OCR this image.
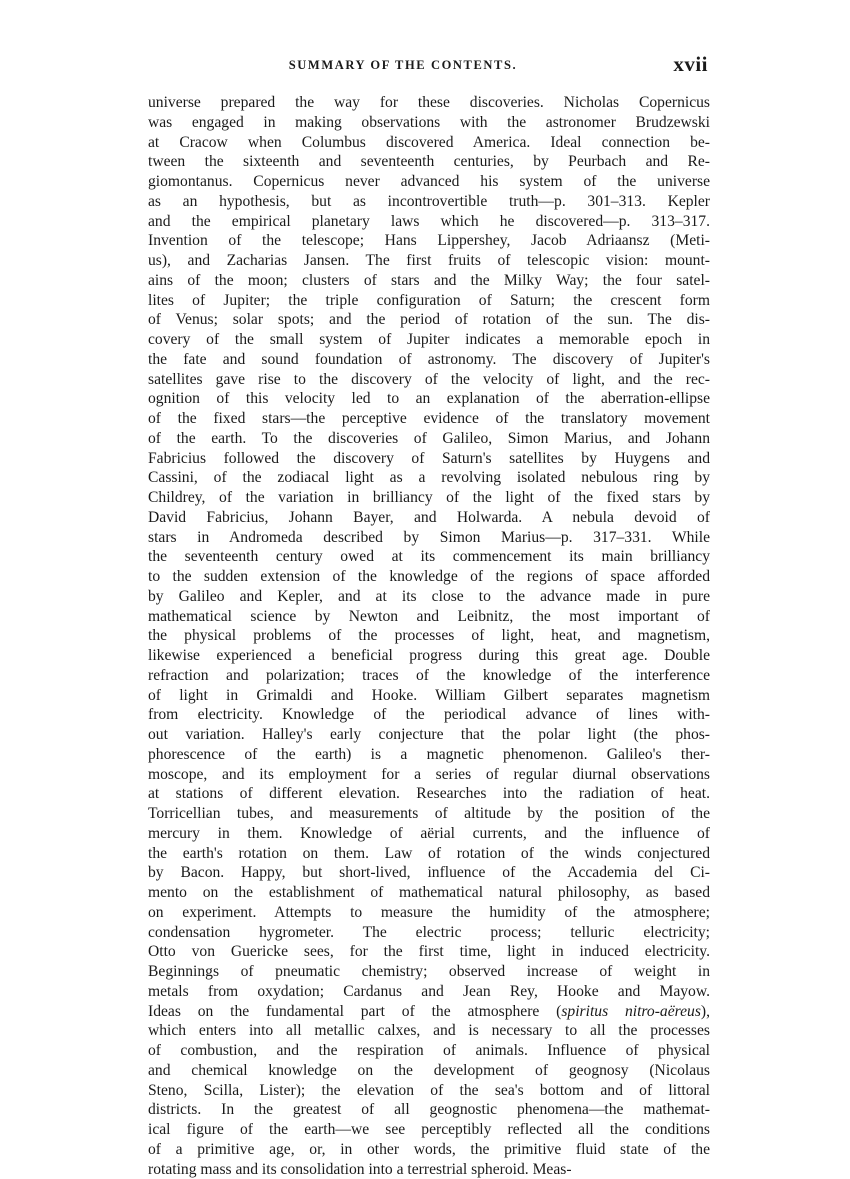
SUMMARY OF THE CONTENTS.	xvii
universe prepared the way for these discoveries. Nicholas Copernicus
was engaged in making observations with the astronomer Brudzewski
at Cracow when Columbus discovered America. Ideal connection be-
tween the sixteenth and seventeenth centuries, by Peurbach and Re-
giomontanus. Copernicus never advanced his system of the universe
as an hypothesis, but as incontrovertible truth—p. 301–313. Kepler
and the empirical planetary laws which he discovered—p. 313–317.
Invention of the telescope; Hans Lippershey, Jacob Adriaansz (Meti-
us), and Zacharias Jansen. The first fruits of telescopic vision: mount-
ains of the moon; clusters of stars and the Milky Way; the four satel-
lites of Jupiter; the triple configuration of Saturn; the crescent form
of Venus; solar spots; and the period of rotation of the sun. The dis-
covery of the small system of Jupiter indicates a memorable epoch in
the fate and sound foundation of astronomy. The discovery of Jupiter's
satellites gave rise to the discovery of the velocity of light, and the rec-
ognition of this velocity led to an explanation of the aberration-ellipse
of the fixed stars—the perceptive evidence of the translatory movement
of the earth. To the discoveries of Galileo, Simon Marius, and Johann
Fabricius followed the discovery of Saturn's satellites by Huygens and
Cassini, of the zodiacal light as a revolving isolated nebulous ring by
Childrey, of the variation in brilliancy of the light of the fixed stars by
David Fabricius, Johann Bayer, and Holwarda. A nebula devoid of
stars in Andromeda described by Simon Marius—p. 317–331. While
the seventeenth century owed at its commencement its main brilliancy
to the sudden extension of the knowledge of the regions of space afforded
by Galileo and Kepler, and at its close to the advance made in pure
mathematical science by Newton and Leibnitz, the most important of
the physical problems of the processes of light, heat, and magnetism,
likewise experienced a beneficial progress during this great age. Double
refraction and polarization; traces of the knowledge of the interference
of light in Grimaldi and Hooke. William Gilbert separates magnetism
from electricity. Knowledge of the periodical advance of lines with-
out variation. Halley's early conjecture that the polar light (the phos-
phorescence of the earth) is a magnetic phenomenon. Galileo's ther-
moscope, and its employment for a series of regular diurnal observations
at stations of different elevation. Researches into the radiation of heat.
Torricellian tubes, and measurements of altitude by the position of the
mercury in them. Knowledge of aërial currents, and the influence of
the earth's rotation on them. Law of rotation of the winds conjectured
by Bacon. Happy, but short-lived, influence of the Accademia del Ci-
mento on the establishment of mathematical natural philosophy, as based
on experiment. Attempts to measure the humidity of the atmosphere;
condensation hygrometer. The electric process; telluric electricity;
Otto von Guericke sees, for the first time, light in induced electricity.
Beginnings of pneumatic chemistry; observed increase of weight in
metals from oxydation; Cardanus and Jean Rey, Hooke and Mayow.
Ideas on the fundamental part of the atmosphere (spiritus nitro-aëreus),
which enters into all metallic calxes, and is necessary to all the processes
of combustion, and the respiration of animals. Influence of physical
and chemical knowledge on the development of geognosy (Nicolaus
Steno, Scilla, Lister); the elevation of the sea's bottom and of littoral
districts. In the greatest of all geognostic phenomena—the mathemat-
ical figure of the earth—we see perceptibly reflected all the conditions
of a primitive age, or, in other words, the primitive fluid state of the
rotating mass and its consolidation into a terrestrial spheroid. Meas-
